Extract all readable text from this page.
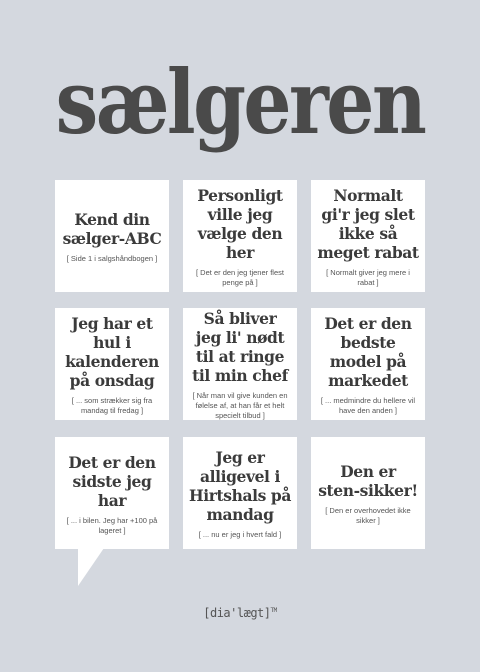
sælgeren
Kend din sælger-ABC
[ Side 1 i salgshåndbogen ]
Personligt ville jeg vælge den her
[ Det er den jeg tjener flest penge på ]
Normalt gi'r jeg slet ikke så meget rabat
[ Normalt giver jeg mere i rabat ]
Jeg har et hul i kalenderen på onsdag
[ ... som strækker sig fra mandag til fredag ]
Så bliver jeg li' nødt til at ringe til min chef
[ Når man vil give kunden en følelse af, at han får et helt specielt tilbud ]
Det er den bedste model på markedet
[ ... medmindre du hellere vil have den anden ]
Det er den sidste jeg har
[ ... i bilen. Jeg har +100 på lageret ]
Jeg er alligevel i Hirtshals på mandag
[ ... nu er jeg i hvert fald ]
Den er sten-sikker!
[ Den er overhovedet ikke sikker ]
[dia'lægt]™
